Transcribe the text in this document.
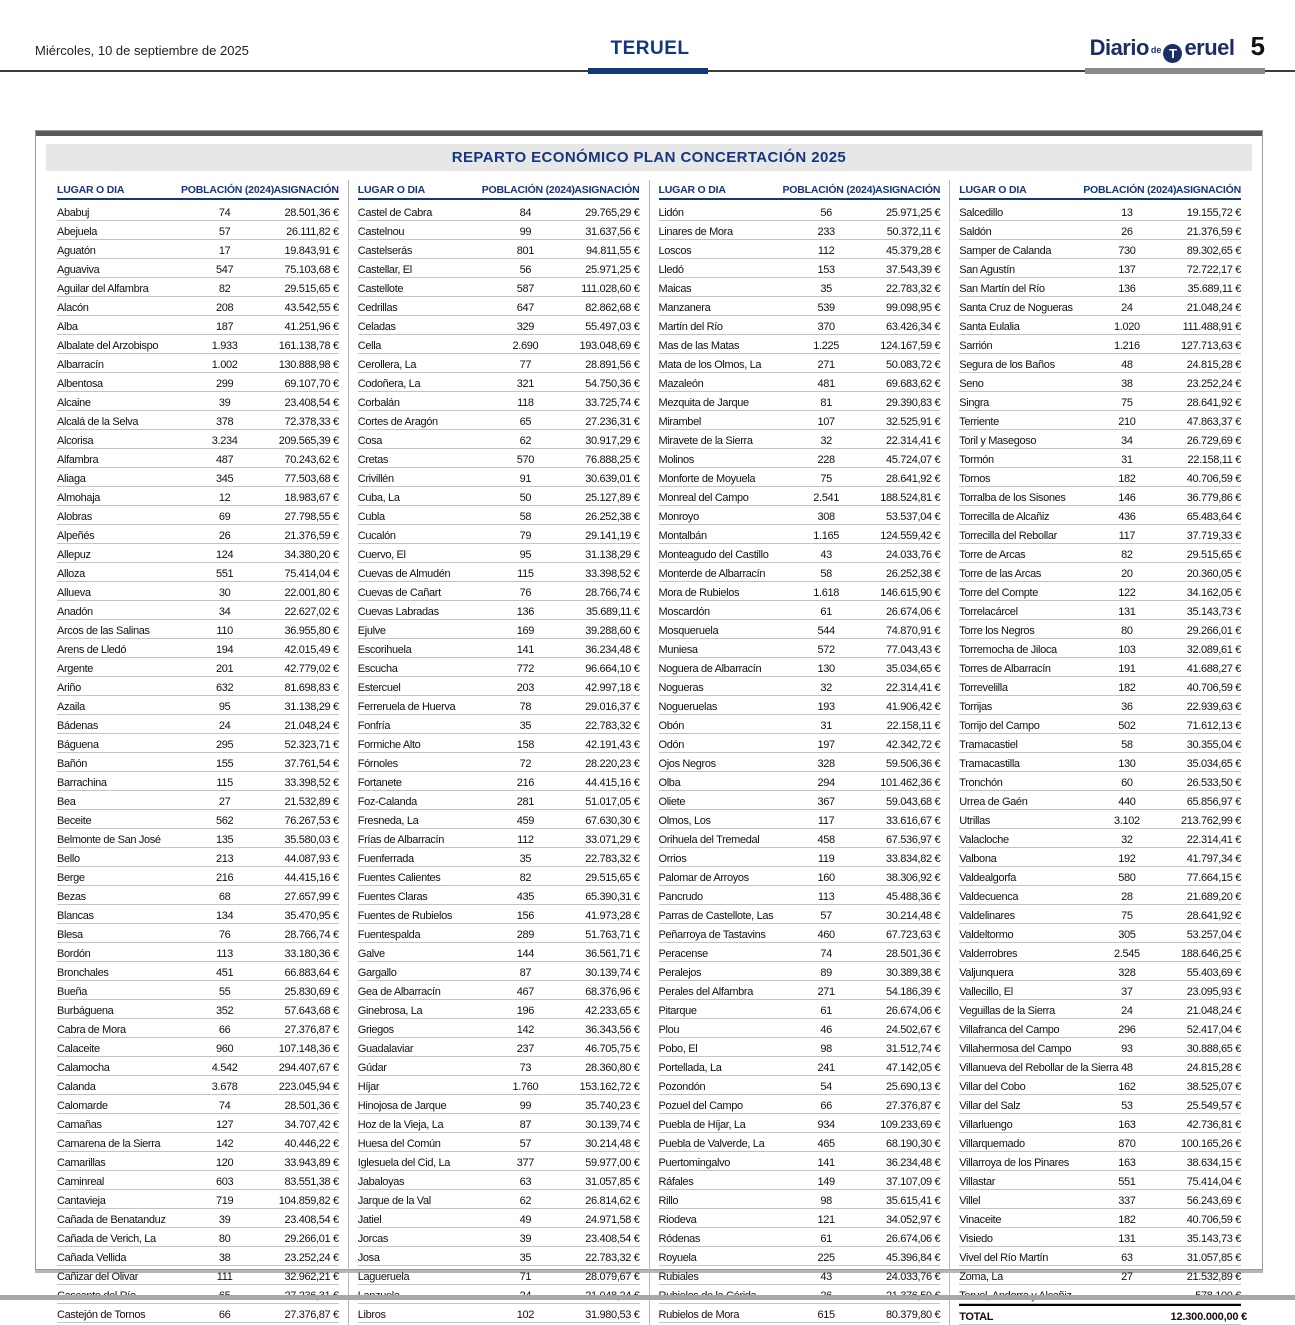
Miércoles, 10 de septiembre de 2025	TERUEL	Diario de T eruel 5
REPARTO ECONÓMICO PLAN CONCERTACIÓN 2025
LUGAR O DIA	POBLACIÓN (2024) ASIGNACIÓN
Ababuj	74	28.501,36 €
Abejuela	57	26.111,82 €
Aguatón	17	19.843,91 €
Aguaviva	547	75.103,68 €
Aguilar del Alfambra	82	29.515,65 €
Alacón	208	43.542,55 €
Alba	187	41.251,96 €
Albalate del Arzobispo	1.933	161.138,78 €
Albarracín	1.002	130.888,98 €
Albentosa	299	69.107,70 €
Alcaine	39	23.408,54 €
Alcalá de la Selva	378	72.378,33 €
Alcorisa	3.234	209.565,39 €
Alfambra	487	70.243,62 €
Aliaga	345	77.503,68 €
Almohaja	12	18.983,67 €
Alobras	69	27.798,55 €
Alpeñés	26	21.376,59 €
Allepuz	124	34.380,20 €
Alloza	551	75.414,04 €
Allueva	30	22.001,80 €
Anadón	34	22.627,02 €
Arcos de las Salinas	110	36.955,80 €
Arens de Lledó	194	42.015,49 €
Argente	201	42.779,02 €
Ariño	632	81.698,83 €
Azaila	95	31.138,29 €
Bádenas	24	21.048,24 €
Báguena	295	52.323,71 €
Bañón	155	37.761,54 €
Barrachina	115	33.398,52 €
Bea	27	21.532,89 €
Beceite	562	76.267,53 €
Belmonte de San José	135	35.580,03 €
Bello	213	44.087,93 €
Berge	216	44.415,16 €
Bezas	68	27.657,99 €
Blancas	134	35.470,95 €
Blesa	76	28.766,74 €
Bordón	113	33.180,36 €
Bronchales	451	66.883,64 €
Bueña	55	25.830,69 €
Burbáguena	352	57.643,68 €
Cabra de Mora	66	27.376,87 €
Calaceite	960	107.148,36 €
Calamocha	4.542	294.407,67 €
Calanda	3.678	223.045,94 €
Calomarde	74	28.501,36 €
Camañas	127	34.707,42 €
Camarena de la Sierra	142	40.446,22 €
Camarillas	120	33.943,89 €
Caminreal	603	83.551,38 €
Cantavieja	719	104.859,82 €
Cañada de Benatanduz	39	23.408,54 €
Cañada de Verich, La	80	29.266,01 €
Cañada Vellida	38	23.252,24 €
Cañizar del Olivar	111	32.962,21 €
Castejón de Tornos	66	27.376,87 €
LUGAR O DIA	POBLACIÓN (2024) ASIGNACIÓN
Castel de Cabra	84	29.765,29 €
Castelnou	99	31.637,56 €
Castelserás	801	94.811,55 €
Castellar, El	56	25.971,25 €
Castellote	587	111.028,60 €
Cedrillas	647	82.862,68 €
Celadas	329	55.497,03 €
Cella	2.690	193.048,69 €
Cerollera, La	77	28.891,56 €
Codoñera, La	321	54.750,36 €
Corbalán	118	33.725,74 €
Cortes de Aragón	65	27.236,31 €
Cosa	62	30.917,29 €
Cretas	570	76.888,25 €
Crivillén	91	30.639,01 €
Cuba, La	50	25.127,89 €
Cubla	58	26.252,38 €
Cucalón	79	29.141,19 €
Cuervo, El	95	31.138,29 €
Cuevas de Almudén	115	33.398,52 €
Cuevas de Cañart	76	28.766,74 €
Cuevas Labradas	136	35.689,11 €
Ejulve	169	39.288,60 €
Escorihuela	141	36.234,48 €
Escucha	772	96.664,10 €
Estercuel	203	42.997,18 €
Ferreruela de Huerva	78	29.016,37 €
Fonfría	35	22.783,32 €
Formiche Alto	158	42.191,43 €
Fórnoles	72	28.220,23 €
Fortanete	216	44.415,16 €
Foz-Calanda	281	51.017,05 €
Fresneda, La	459	67.630,30 €
Frías de Albarracín	112	33.071,29 €
Fuenferrada	35	22.783,32 €
Fuentes Calientes	82	29.515,65 €
Fuentes Claras	435	65.390,31 €
Fuentes de Rubielos	156	41.973,28 €
Fuentespalda	289	51.763,71 €
Galve	144	36.561,71 €
Gargallo	87	30.139,74 €
Gea de Albarracín	467	68.376,96 €
Ginebrosa, La	196	42.233,65 €
Griegos	142	36.343,56 €
Guadalaviar	237	46.705,75 €
Gúdar	73	28.360,80 €
Híjar	1.760	153.162,72 €
Hinojosa de Jarque	99	35.740,23 €
Hoz de la Vieja, La	87	30.139,74 €
Huesa del Común	57	30.214,48 €
Iglesuela del Cid, La	377	59.977,00 €
Jabaloyas	63	31.057,85 €
Jarque de la Val	62	26.814,62 €
Jatiel	49	24.971,58 €
Jorcas	39	23.408,54 €
Josa	35	22.783,32 €
Lagueruela	71	28.079,67 €
Libros	102	31.980,53 €
LUGAR O DIA	POBLACIÓN (2024) ASIGNACIÓN
Lidón	56	25.971,25 €
Linares de Mora	233	50.372,11 €
Loscos	112	45.379,28 €
Lledó	153	37.543,39 €
Maicas	35	22.783,32 €
Manzanera	539	99.098,95 €
Martín del Río	370	63.426,34 €
Mas de las Matas	1.225	124.167,59 €
Mata de los Olmos, La	271	50.083,72 €
Mazaleón	481	69.683,62 €
Mezquita de Jarque	81	29.390,83 €
Mirambel	107	32.525,91 €
Miravete de la Sierra	32	22.314,41 €
Molinos	228	45.724,07 €
Monforte de Moyuela	75	28.641,92 €
Monreal del Campo	2.541	188.524,81 €
Monroyo	308	53.537,04 €
Montalbán	1.165	124.559,42 €
Monteagudo del Castillo	43	24.033,76 €
Monterde de Albarracín	58	26.252,38 €
Mora de Rubielos	1.618	146.615,90 €
Moscardón	61	26.674,06 €
Mosqueruela	544	74.870,91 €
Muniesa	572	77.043,43 €
Noguera de Albarracín	130	35.034,65 €
Nogueras	32	22.314,41 €
Nogueruelas	193	41.906,42 €
Obón	31	22.158,11 €
Odón	197	42.342,72 €
Ojos Negros	328	59.506,36 €
Olba	294	101.462,36 €
Oliete	367	59.043,68 €
Olmos, Los	117	33.616,67 €
Orihuela del Tremedal	458	67.536,97 €
Orrios	119	33.834,82 €
Palomar de Arroyos	160	38.306,92 €
Pancrudo	113	45.488,36 €
Parras de Castellote, Las	57	30.214,48 €
Peñarroya de Tastavins	460	67.723,63 €
Peracense	74	28.501,36 €
Peralejos	89	30.389,38 €
Perales del Alfambra	271	54.186,39 €
Pitarque	61	26.674,06 €
Plou	46	24.502,67 €
Pobo, El	98	31.512,74 €
Portellada, La	241	47.142,05 €
Pozondón	54	25.690,13 €
Pozuel del Campo	66	27.376,87 €
Puebla de Híjar, La	934	109.233,69 €
Puebla de Valverde, La	465	68.190,30 €
Puertomingalvo	141	36.234,48 €
Ráfales	149	37.107,09 €
Rillo	98	35.615,41 €
Riodeva	121	34.052,97 €
Ródenas	61	26.674,06 €
Royuela	225	45.396,84 €
Rubiales	43	24.033,76 €
Rubielos de Mora	615	80.379,80 €
LUGAR O DIA	POBLACIÓN (2024) ASIGNACIÓN
Salcedillo	13	19.155,72 €
Saldón	26	21.376,59 €
Samper de Calanda	730	89.302,65 €
San Agustín	137	72.722,17 €
San Martín del Río	136	35.689,11 €
Santa Cruz de Nogueras	24	21.048,24 €
Santa Eulalia	1.020	111.488,91 €
Sarrión	1.216	127.713,63 €
Segura de los Baños	48	24.815,28 €
Seno	38	23.252,24 €
Singra	75	28.641,92 €
Terriente	210	47.863,37 €
Toril y Masegoso	34	26.729,69 €
Tormón	31	22.158,11 €
Tornos	182	40.706,59 €
Torralba de los Sisones	146	36.779,86 €
Torrecilla de Alcañiz	436	65.483,64 €
Torrecilla del Rebollar	117	37.719,33 €
Torre de Arcas	82	29.515,65 €
Torre de las Arcas	20	20.360,05 €
Torre del Compte	122	34.162,05 €
Torrelacárcel	131	35.143,73 €
Torre los Negros	80	29.266,01 €
Torremocha de Jiloca	103	32.089,61 €
Torres de Albarracín	191	41.688,27 €
Torrevelilla	182	40.706,59 €
Torrijas	36	22.939,63 €
Torrijo del Campo	502	71.612,13 €
Tramacastiel	58	30.355,04 €
Tramacastilla	130	35.034,65 €
Tronchón	60	26.533,50 €
Urrea de Gaén	440	65.856,97 €
Utrillas	3.102	213.762,99 €
Valacloche	32	22.314,41 €
Valbona	192	41.797,34 €
Valdealgorfa	580	77.664,15 €
Valdecuenca	28	21.689,20 €
Valdelinares	75	28.641,92 €
Valdeltormo	305	53.257,04 €
Valderrobres	2.545	188.646,25 €
Valjunquera	328	55.403,69 €
Vallecillo, El	37	23.095,93 €
Veguillas de la Sierra	24	21.048,24 €
Villafranca del Campo	296	52.417,04 €
Villahermosa del Campo	93	30.888,65 €
Villanueva del Rebollar de la Sierra 48	24.815,28 €
Villar del Cobo	162	38.525,07 €
Villar del Salz	53	25.549,57 €
Villarluengo	163	42.736,81 €
Villarquemado	870	100.165,26 €
Villarroya de los Pinares	163	38.634,15 €
Villastar	551	75.414,04 €
Villel	337	56.243,69 €
Vinaceite	182	40.706,59 €
Visiedo	131	35.143,73 €
Vivel del Río Martín	63	31.057,85 €
Zoma, La	27	21.532,89 €
TOTAL	12.300.000,00 €
